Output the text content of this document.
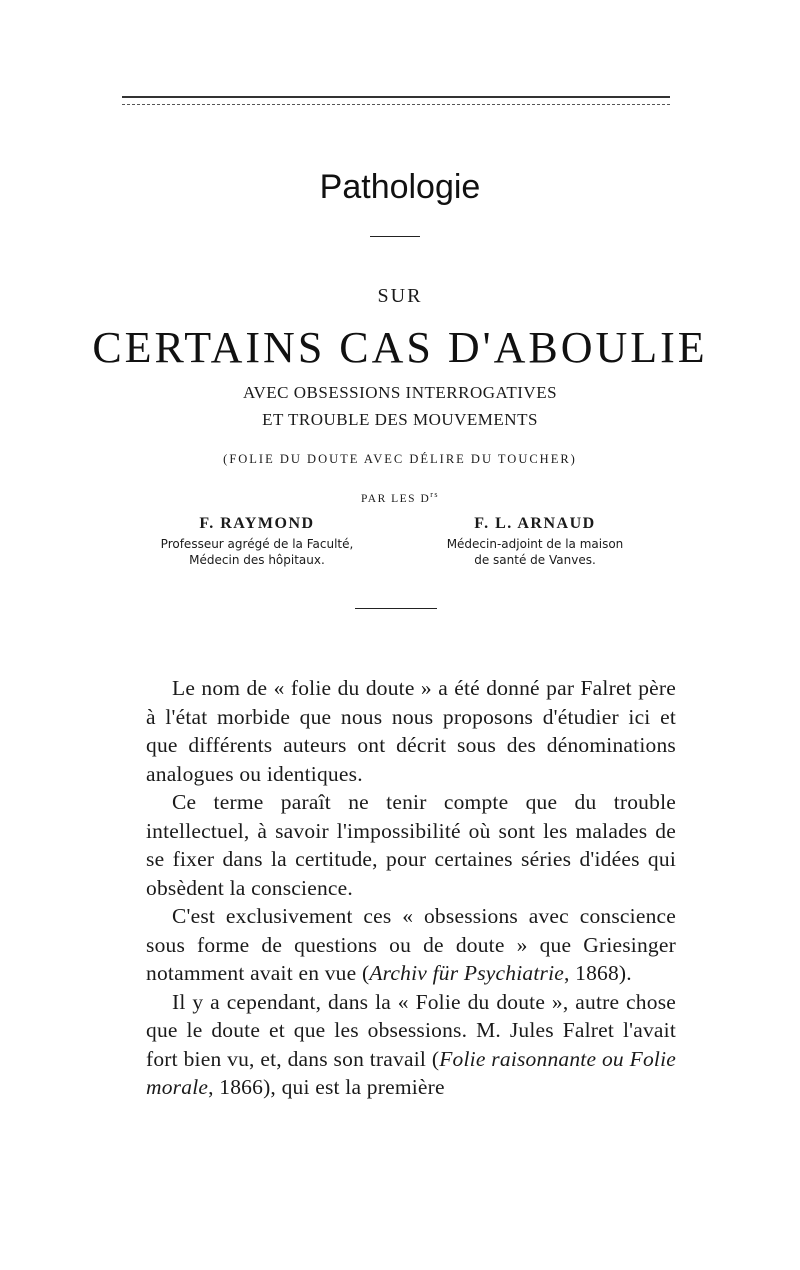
Pathologie
SUR
CERTAINS CAS D'ABOULIE
AVEC OBSESSIONS INTERROGATIVES
ET TROUBLE DES MOUVEMENTS
(FOLIE DU DOUTE AVEC DÉLIRE DU TOUCHER)
PAR LES $D^{rs}$
F. RAYMOND
Professeur agrégé de la Faculté,
Médecin des hôpitaux.
F. L. ARNAUD
Médecin-adjoint de la maison
de santé de Vanves.

Le nom de « folie du doute » a été donné par Falret père à l'état morbide que nous nous proposons d'étudier ici et que différents auteurs ont décrit sous des dénominations analogues ou identiques.

Ce terme paraît ne tenir compte que du trouble intellectuel, à savoir l'impossibilité où sont les malades de se fixer dans la certitude, pour certaines séries d'idées qui obsèdent la conscience.

C'est exclusivement ces « obsessions avec conscience sous forme de questions ou de doute » que Griesinger notamment avait en vue (Archiv für Psychiatrie, 1868).

Il y a cependant, dans la « Folie du doute », autre chose que le doute et que les obsessions. M. Jules Falret l'avait fort bien vu, et, dans son travail (Folie raisonnante ou Folie morale, 1866), qui est la première
